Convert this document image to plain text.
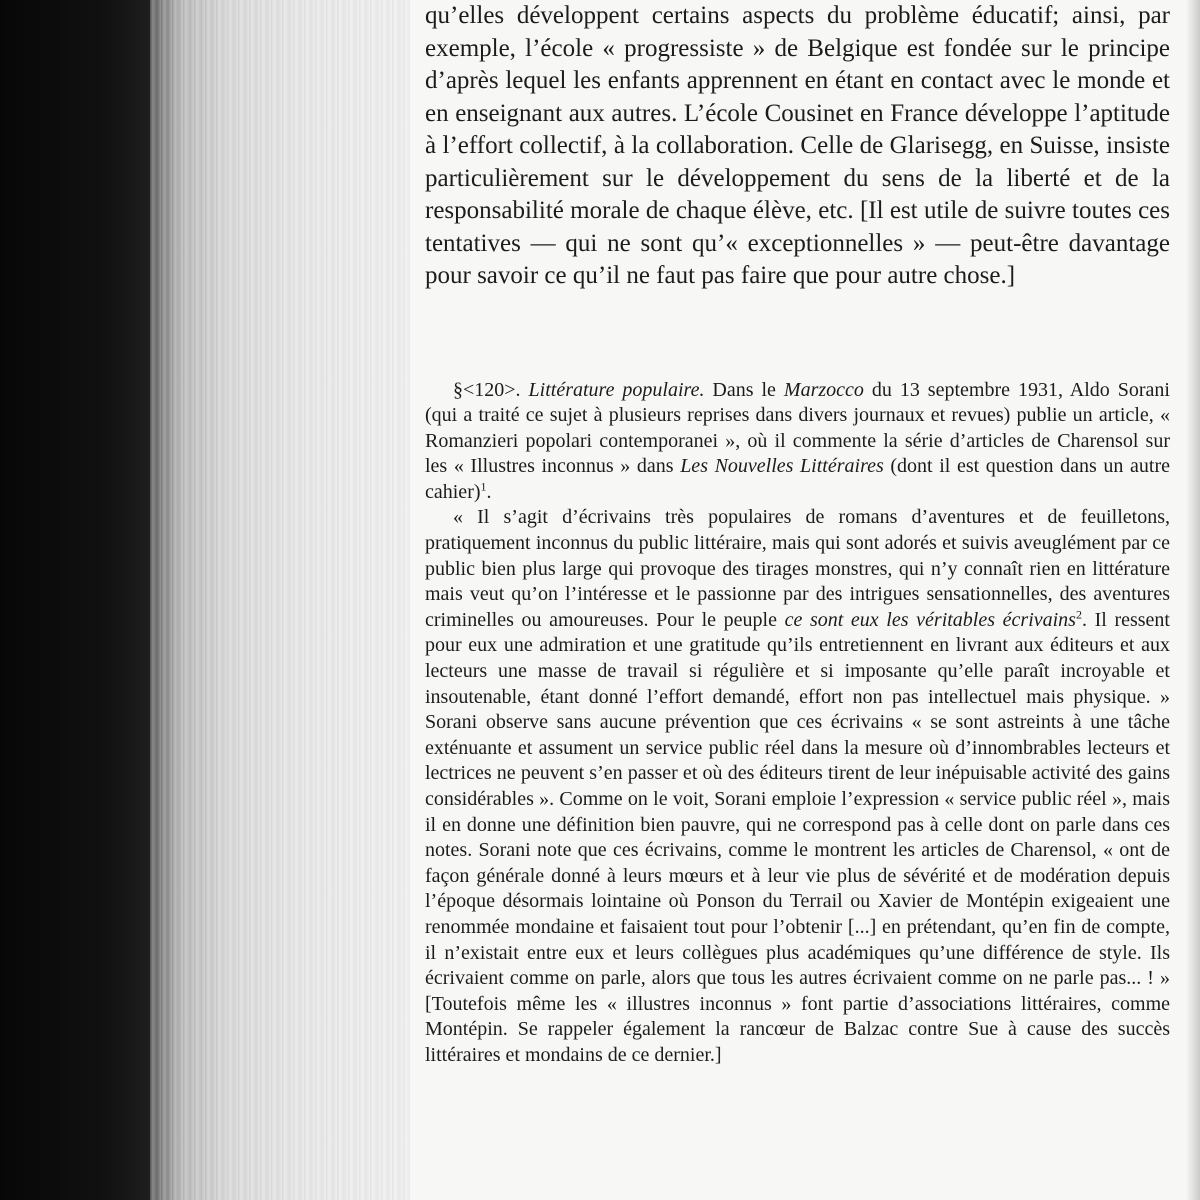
qu’elles développent certains aspects du problème éducatif; ainsi, par exemple, l’école « progressiste » de Belgique est fondée sur le principe d’après lequel les enfants apprennent en étant en contact avec le monde et en enseignant aux autres. L’école Cousinet en France développe l’aptitude à l’effort collectif, à la collaboration. Celle de Glarisegg, en Suisse, insiste particulièrement sur le développement du sens de la liberté et de la responsabilité morale de chaque élève, etc. [Il est utile de suivre toutes ces tentatives — qui ne sont qu’« exceptionnelles » — peut-être davantage pour savoir ce qu’il ne faut pas faire que pour autre chose.]

§<120>. Littérature populaire. Dans le Marzocco du 13 septembre 1931, Aldo Sorani (qui a traité ce sujet à plusieurs reprises dans divers journaux et revues) publie un article, « Romanzieri popolari contemporanei », où il commente la série d’articles de Charensol sur les « Illustres inconnus » dans Les Nouvelles Littéraires (dont il est question dans un autre cahier)$^1$.

« Il s’agit d’écrivains très populaires de romans d’aventures et de feuilletons, pratiquement inconnus du public littéraire, mais qui sont adorés et suivis aveuglément par ce public bien plus large qui provoque des tirages monstres, qui n’y connaît rien en littérature mais veut qu’on l’intéresse et le passionne par des intrigues sensationnelles, des aventures criminelles ou amoureuses. Pour le peuple ce sont eux les véritables écrivains$^2$. Il ressent pour eux une admiration et une gratitude qu’ils entretiennent en livrant aux éditeurs et aux lecteurs une masse de travail si régulière et si imposante qu’elle paraît incroyable et insoutenable, étant donné l’effort demandé, effort non pas intellectuel mais physique. » Sorani observe sans aucune prévention que ces écrivains « se sont astreints à une tâche exténuante et assument un service public réel dans la mesure où d’innombrables lecteurs et lectrices ne peuvent s’en passer et où des éditeurs tirent de leur inépuisable activité des gains considérables ». Comme on le voit, Sorani emploie l’expression « service public réel », mais il en donne une définition bien pauvre, qui ne correspond pas à celle dont on parle dans ces notes. Sorani note que ces écrivains, comme le montrent les articles de Charensol, « ont de façon générale donné à leurs mœurs et à leur vie plus de sévérité et de modération depuis l’époque désormais lointaine où Ponson du Terrail ou Xavier de Montépin exigeaient une renommée mondaine et faisaient tout pour l’obtenir [...] en prétendant, qu’en fin de compte, il n’existait entre eux et leurs collègues plus académiques qu’une différence de style. Ils écrivaient comme on parle, alors que tous les autres écrivaient comme on ne parle pas... ! » [Toutefois même les « illustres inconnus » font partie d’associations littéraires, comme Montépin. Se rappeler également la rancœur de Balzac contre Sue à cause des succès littéraires et mondains de ce dernier.]
